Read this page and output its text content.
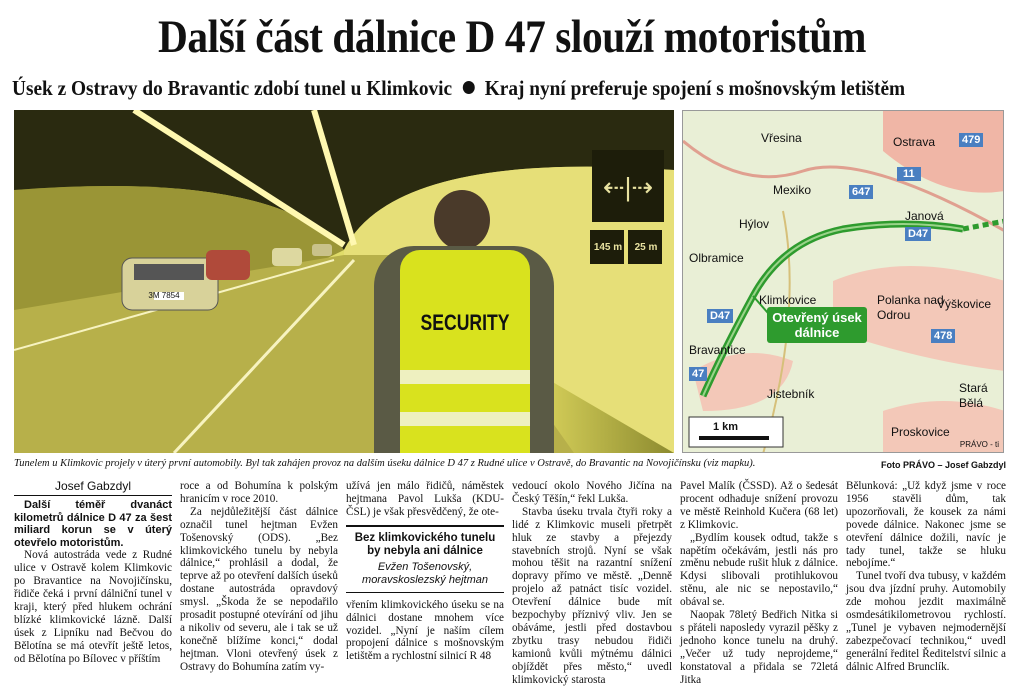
Další část dálnice D 47 slouží motoristům
Úsek z Ostravy do Bravantic zdobí tunel u Klimkovic Kraj nyní preferuje spojení s mošnovským letištěm
⇠|⇢
145 m	25 m
3M 7854
SECURITY
Vřesina	Ostrava
Mexiko
Hýlov
Janová
Olbramice
Klimkovice	Polanka nad Odrou
Výškovice
Bravantice
Jistebník	Stará Bělá
Proskovice
479
11
647
D47
D47
478
47
Otevřený úsek dálnice
1 km
PRÁVO - ti
Tunelem u Klimkovic projely v úterý první automobily. Byl tak zahájen provoz na dalším úseku dálnice D 47 z Rudné ulice v Ostravě, do Bravantic na Novojičínsku (viz mapku).	Foto PRÁVO – Josef Gabzdyl
Josef Gabzdyl

Další téměř dvanáct kilometrů dálnice D 47 za šest miliard korun se v úterý otevřelo motoristům.

Nová autostráda vede z Rudné ulice v Ostravě kolem Klimkovic po Bravantice na Novojičínsku, řidiče čeká i první dálniční tunel v kraji, který před hlukem ochrání blízké klimkovické lázně. Další úsek z Lipníku nad Bečvou do Bělotína se má otevřít ještě letos, od Bělotína po Bílovec v příštím

roce a od Bohumína k polským hranicím v roce 2010.

Za nejdůležitější část dálnice označil tunel hejtman Evžen Tošenovský (ODS). „Bez klimkovického tunelu by nebyla dálnice,“ prohlásil a dodal, že teprve až po otevření dalších úseků dostane autostráda opravdový smysl. „Škoda že se nepodařilo prosadit postupné otevírání od jihu a nikoliv od severu, ale i tak se už konečně blížíme konci,“ dodal hejtman. Vloni otevřený úsek z Ostravy do Bohumína zatím vy-

užívá jen málo řidičů, náměstek hejtmana Pavol Lukša (KDU-ČSL) je však přesvědčený, že ote-

Bez klimkovického tunelu by nebyla ani dálnice
Evžen Tošenovský, moravskoslezský hejtman

vřením klimkovického úseku se na dálnici dostane mnohem více vozidel. „Nyní je naším cílem propojení dálnice s mošnovským letištěm a rychlostní silnicí R 48

vedoucí okolo Nového Jičína na Český Těšín,“ řekl Lukša.

Stavba úseku trvala čtyři roky a lidé z Klimkovic museli přetrpět hluk ze stavby a přejezdy stavebních strojů. Nyní se však mohou těšit na razantní snížení dopravy přímo ve městě. „Denně projelo až patnáct tisíc vozidel. Otevření dálnice bude mít bezpochyby příznivý vliv. Jen se obáváme, jestli před dostavbou zbytku trasy nebudou řidiči kamionů kvůli mýtnému dálnici objíždět přes město,“ uvedl klimkovický starosta

Pavel Malík (ČSSD). Až o šedesát procent odhaduje snížení provozu ve městě Reinhold Kučera (68 let) z Klimkovic.

„Bydlím kousek odtud, takže s napětím očekávám, jestli nás pro změnu nebude rušit hluk z dálnice. Kdysi slibovali protihlukovou stěnu, ale nic se nepostavilo,“ obával se.

Naopak 78letý Bedřich Nitka si s přáteli naposledy vyrazil pěšky z jednoho konce tunelu na druhý. „Večer už tudy neprojdeme,“ konstatoval a přidala se 72letá Jitka

Bělunková: „Už když jsme v roce 1956 stavěli dům, tak upozorňovali, že kousek za námi povede dálnice. Nakonec jsme se otevření dálnice dožili, navíc je tady tunel, takže se hluku nebojíme.“

Tunel tvoří dva tubusy, v každém jsou dva jízdní pruhy. Automobily zde mohou jezdit maximálně osmdesátikilometrovou rychlostí. „Tunel je vybaven nejmodernější zabezpečovací technikou,“ uvedl generální ředitel Ředitelství silnic a dálnic Alfred Brunclík.
